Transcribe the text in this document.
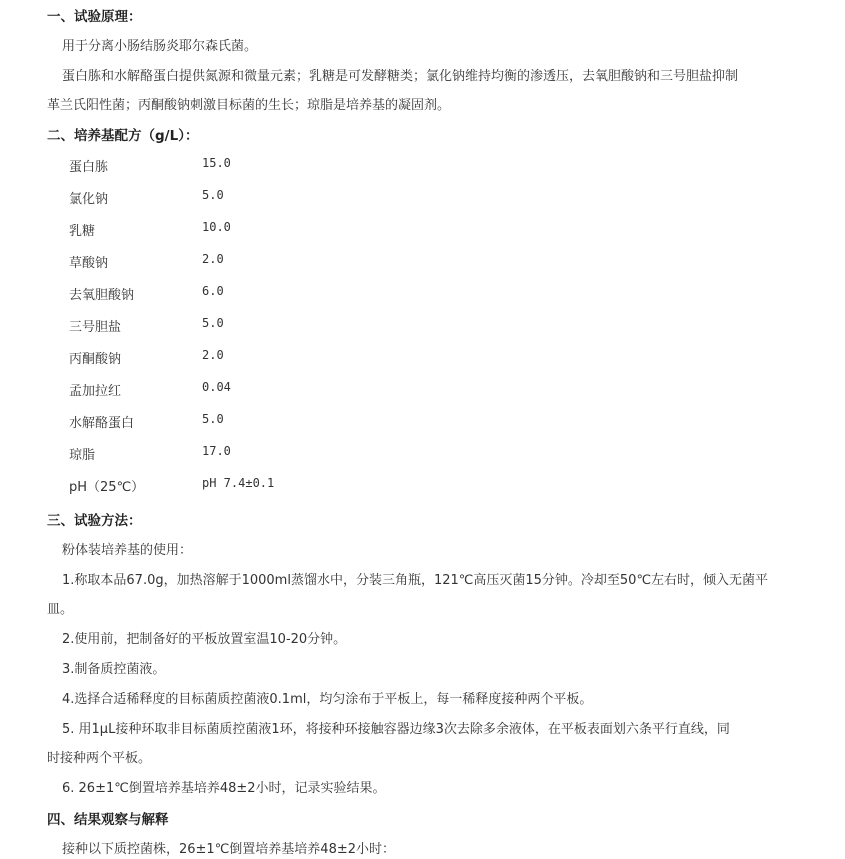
一、试验原理：
用于分离小肠结肠炎耶尔森氏菌。
蛋白胨和水解酪蛋白提供氮源和微量元素；乳糖是可发酵糖类；氯化钠维持均衡的渗透压，去氧胆酸钠和三号胆盐抑制
革兰氏阳性菌；丙酮酸钠刺激目标菌的生长；琼脂是培养基的凝固剂。
二、培养基配方（g/L）：
蛋白胨	15.0
氯化钠	5.0
乳糖	10.0
草酸钠	2.0
去氧胆酸钠	6.0
三号胆盐	5.0
丙酮酸钠	2.0
孟加拉红	0.04
水解酪蛋白	5.0
琼脂	17.0
pH（25℃）	pH 7.4±0.1
三、试验方法：
粉体装培养基的使用：
1.称取本品67.0g，加热溶解于1000ml蒸馏水中，分装三角瓶，121℃高压灭菌15分钟。冷却至50℃左右时，倾入无菌平
皿。
2.使用前，把制备好的平板放置室温10-20分钟。
3.制备质控菌液。
4.选择合适稀释度的目标菌质控菌液0.1ml，均匀涂布于平板上，每一稀释度接种两个平板。
5. 用1μL接种环取非目标菌质控菌液1环，将接种环接触容器边缘3次去除多余液体，在平板表面划六条平行直线，同
时接种两个平板。
6. 26±1℃倒置培养基培养48±2小时，记录实验结果。
四、结果观察与解释
接种以下质控菌株，26±1℃倒置培养基培养48±2小时：
